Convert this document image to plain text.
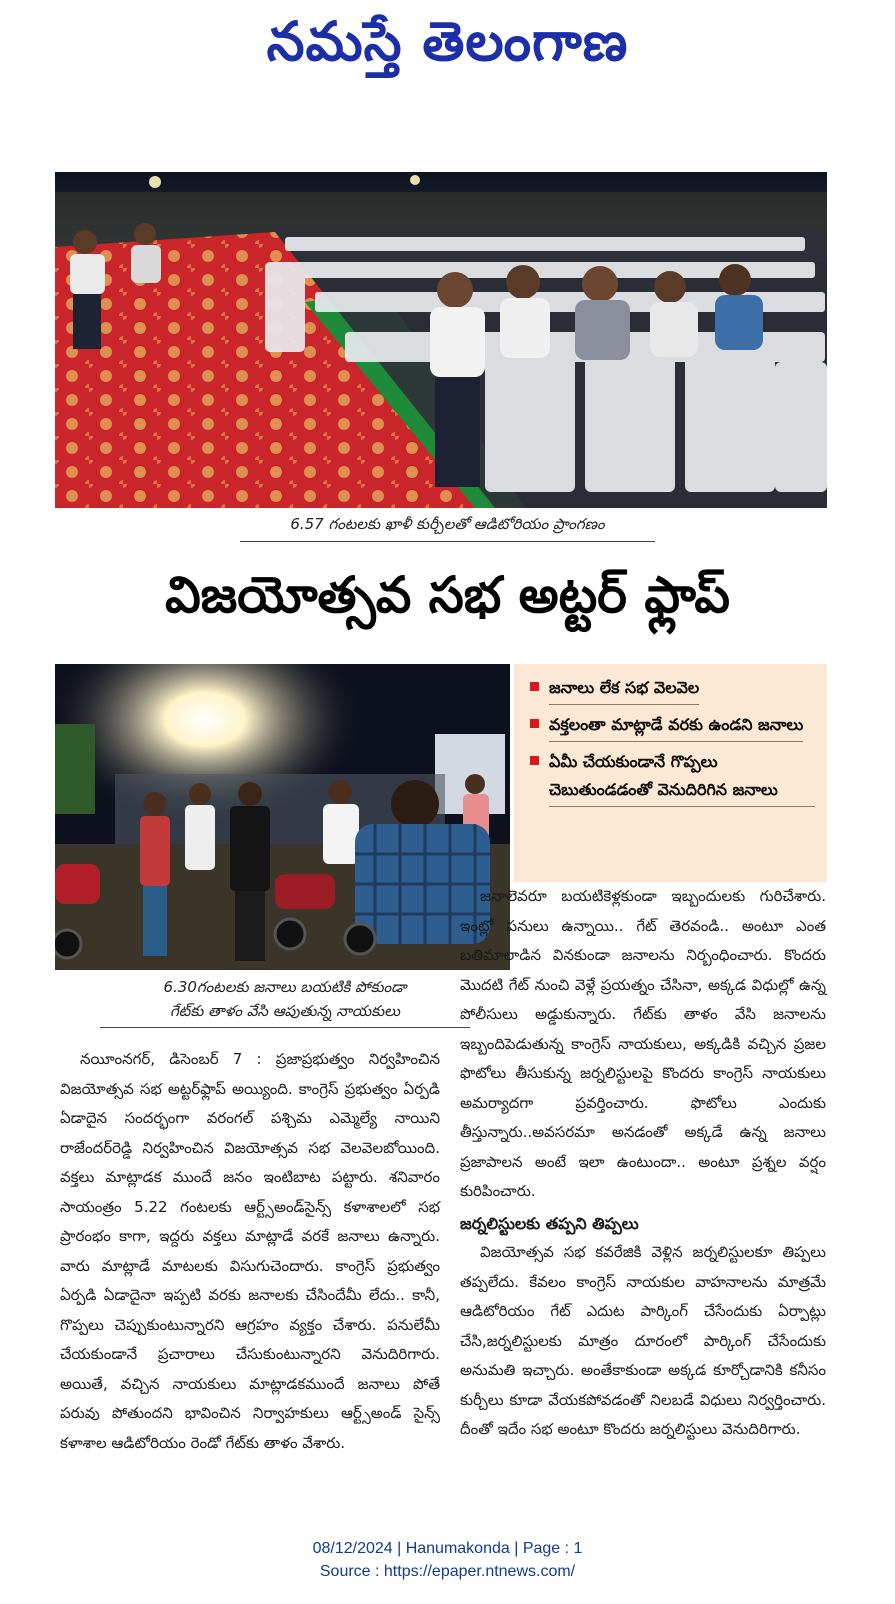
నమస్తే తెలంగాణ
6.57 గంటలకు ఖాళీ కుర్చీలతో ఆడిటోరియం ప్రాంగణం
విజయోత్సవ సభ అట్టర్ ఫ్లాప్
జనాలు లేక సభ వెలవెల
వక్తలంతా మాట్లాడే వరకు ఉండని జనాలు
ఏమీ చేయకుండానే గొప్పలు చెబుతుండడంతో వెనుదిరిగిన జనాలు
6.30గంటలకు జనాలు బయటికి పోకుండా
గేట్‌కు తాళం వేసి ఆపుతున్న నాయకులు

నయీంనగర్, డిసెంబర్ 7 : ప్రజాప్రభుత్వం నిర్వహించిన విజయోత్సవ సభ అట్టర్‌ఫ్లాప్ అయ్యింది. కాంగ్రెస్ ప్రభుత్వం ఏర్పడి ఏడాదైన సందర్భంగా వరంగల్ పశ్చిమ ఎమ్మెల్యే నాయిని రాజేందర్‌రెడ్డి నిర్వహించిన విజయోత్సవ సభ వెలవెలబోయింది. వక్తలు మాట్లాడక ముందే జనం ఇంటిబాట పట్టారు. శనివారం సాయంత్రం 5.22 గంటలకు ఆర్ట్స్‌అండ్‌సైన్స్ కళాశాలలో సభ ప్రారంభం కాగా, ఇద్దరు వక్తలు మాట్లాడే వరకే జనాలు ఉన్నారు. వారు మాట్లాడే మాటలకు విసుగుచెందారు. కాంగ్రెస్ ప్రభుత్వం ఏర్పడి ఏడాదైనా ఇప్పటి వరకు జనాలకు చేసిందేమీ లేదు.. కానీ, గొప్పలు చెప్పుకుంటున్నారని ఆగ్రహం వ్యక్తం చేశారు. పనులేమీ చేయకుండానే ప్రచారాలు చేసుకుంటున్నారని వెనుదిరిగారు. అయితే, వచ్చిన నాయకులు మాట్లాడకముందే జనాలు పోతే పరువు పోతుందని భావించిన నిర్వాహకులు ఆర్ట్స్‌అండ్ సైన్స్ కళాశాల ఆడిటోరియం రెండో గేట్‌కు తాళం వేశారు.

జనాలెవరూ బయటికెళ్లకుండా ఇబ్బందులకు గురిచేశారు. ఇంట్లో పనులు ఉన్నాయి.. గేట్ తెరవండి.. అంటూ ఎంత బతిమాలాడిన వినకుండా జనాలను నిర్బంధించారు. కొందరు మొదటి గేట్ నుంచి వెళ్లే ప్రయత్నం చేసినా, అక్కడ విధుల్లో ఉన్న పోలీసులు అడ్డుకున్నారు. గేట్‌కు తాళం వేసి జనాలను ఇబ్బందిపెడుతున్న కాంగ్రెస్ నాయకులు, అక్కడికి వచ్చిన ప్రజల ఫొటోలు తీసుకున్న జర్నలిస్టులపై కొందరు కాంగ్రెస్ నాయకులు అమర్యాదగా ప్రవర్తించారు. ఫొటోలు ఎందుకు తీస్తున్నారు..అవసరమా అనడంతో అక్కడే ఉన్న జనాలు ప్రజాపాలన అంటే ఇలా ఉంటుందా.. అంటూ ప్రశ్నల వర్షం కురిపించారు.

జర్నలిస్టులకు తప్పని తిప్పలు

విజయోత్సవ సభ కవరేజికి వెళ్లిన జర్నలిస్టులకూ తిప్పలు తప్పలేదు. కేవలం కాంగ్రెస్ నాయకుల వాహనాలను మాత్రమే ఆడిటోరియం గేట్ ఎదుట పార్కింగ్ చేసేందుకు ఏర్పాట్లు చేసి,జర్నలిస్టులకు మాత్రం దూరంలో పార్కింగ్ చేసేందుకు అనుమతి ఇచ్చారు. అంతేకాకుండా అక్కడ కూర్చోడానికి కనీసం కుర్చీలు కూడా వేయకపోవడంతో నిలబడే విధులు నిర్వర్తించారు. దీంతో ఇదేం సభ అంటూ కొందరు జర్నలిస్టులు వెనుదిరిగారు.

08/12/2024 | Hanumakonda | Page : 1
Source : https://epaper.ntnews.com/
